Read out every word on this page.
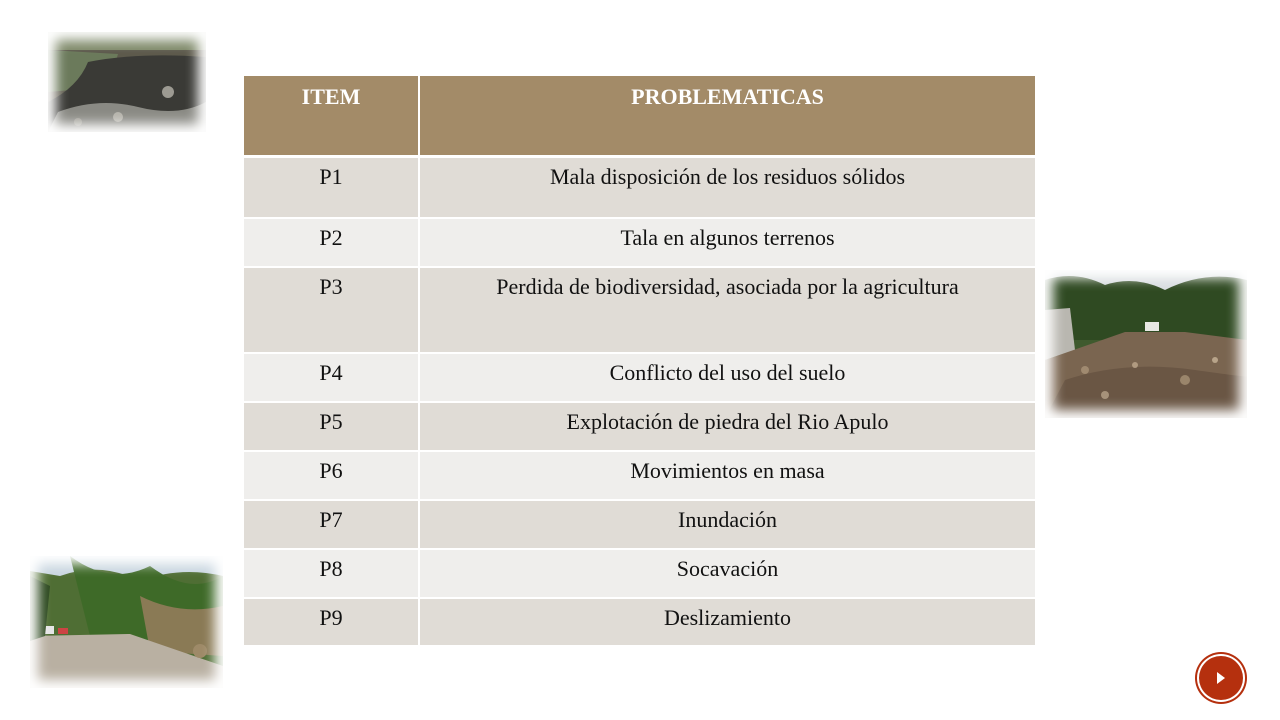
ITEM	PROBLEMATICAS
P1	Mala disposición de los residuos sólidos
P2	Tala en algunos terrenos
P3	Perdida de biodiversidad, asociada por la agricultura
P4	Conflicto del uso del suelo
P5	Explotación de piedra del Rio Apulo
P6	Movimientos en masa
P7	Inundación
P8	Socavación
P9	Deslizamiento
